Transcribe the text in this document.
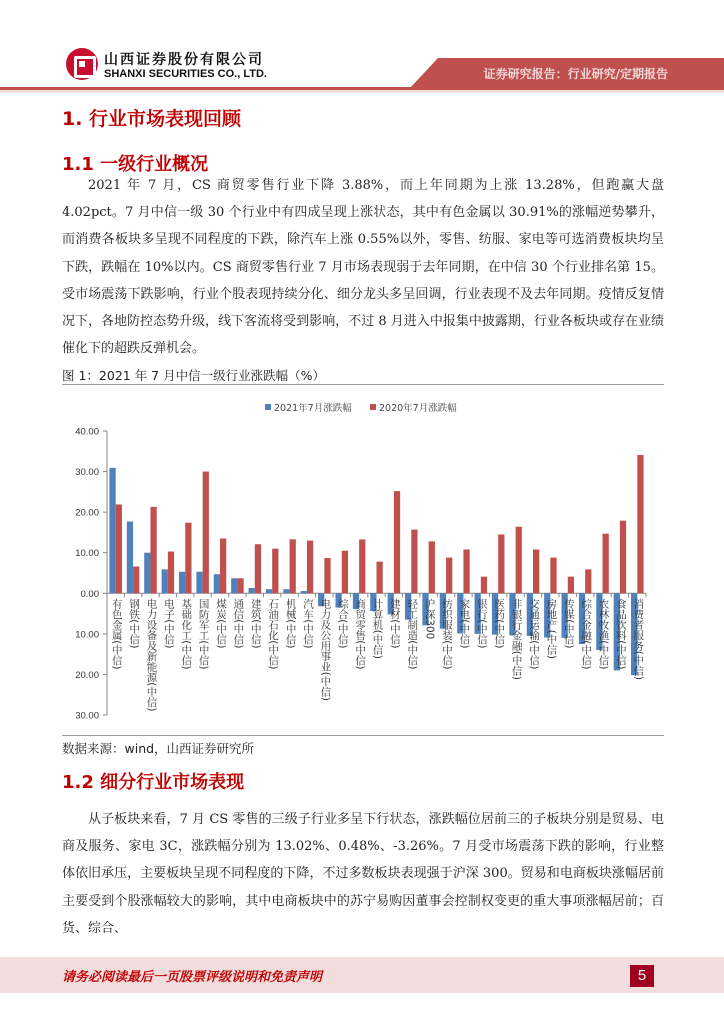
山西证券股份有限公司
SHANXI SECURITIES CO., LTD.	证券研究报告：行业研究/定期报告
1. 行业市场表现回顾
1.1 一级行业概况

2021 年 7 月，CS 商贸零售行业下降 3.88%，而上年同期为上涨 13.28%，但跑赢大盘 4.02pct。7 月中信一级 30 个行业中有四成呈现上涨状态，其中有色金属以 30.91%的涨幅逆势攀升，而消费各板块多呈现不同程度的下跌，除汽车上涨 0.55%以外，零售、纺服、家电等可选消费板块均呈下跌，跌幅在 10%以内。CS 商贸零售行业 7 月市场表现弱于去年同期，在中信 30 个行业排名第 15。受市场震荡下跌影响，行业个股表现持续分化、细分龙头多呈回调，行业表现不及去年同期。疫情反复情况下，各地防控态势升级，线下客流将受到影响，不过 8 月进入中报集中披露期，行业各板块或存在业绩催化下的超跌反弹机会。

图 1：2021 年 7 月中信一级行业涨跌幅（%）
2021年7月涨跌幅	2020年7月涨跌幅
40.00
30.00
20.00
10.00
0.00
10.00
20.00
30.00
有色金属(中信) 钢铁(中信) 电力设备及新能源(中信) 电子(中信) 基础化工(中信) 国防军工(中信) 煤炭(中信) 通信(中信) 建筑(中信) 石油石化(中信) 机械(中信) 汽车(中信) 电力及公用事业(中信) 综合(中信) 商贸零售(中信) 计算机(中信) 建材(中信) 轻工制造(中信) 沪深300 纺织服装(中信) 家电(中信) 银行(中信) 医药(中信) 非银行金融(中信) 交通运输(中信) 房地产(中信) 传媒(中信) 综合金融(中信) 农林牧渔(中信) 食品饮料(中信) 消费者服务(中信)
数据来源：wind，山西证券研究所
1.2 细分行业市场表现

从子板块来看，7 月 CS 零售的三级子行业多呈下行状态，涨跌幅位居前三的子板块分别是贸易、电商及服务、家电 3C，涨跌幅分别为 13.02%、0.48%、-3.26%。7 月受市场震荡下跌的影响，行业整体依旧承压，主要板块呈现不同程度的下降，不过多数板块表现强于沪深 300。贸易和电商板块涨幅居前主要受到个股涨幅较大的影响，其中电商板块中的苏宁易购因董事会控制权变更的重大事项涨幅居前；百货、综合、

请务必阅读最后一页股票评级说明和免责声明	5
